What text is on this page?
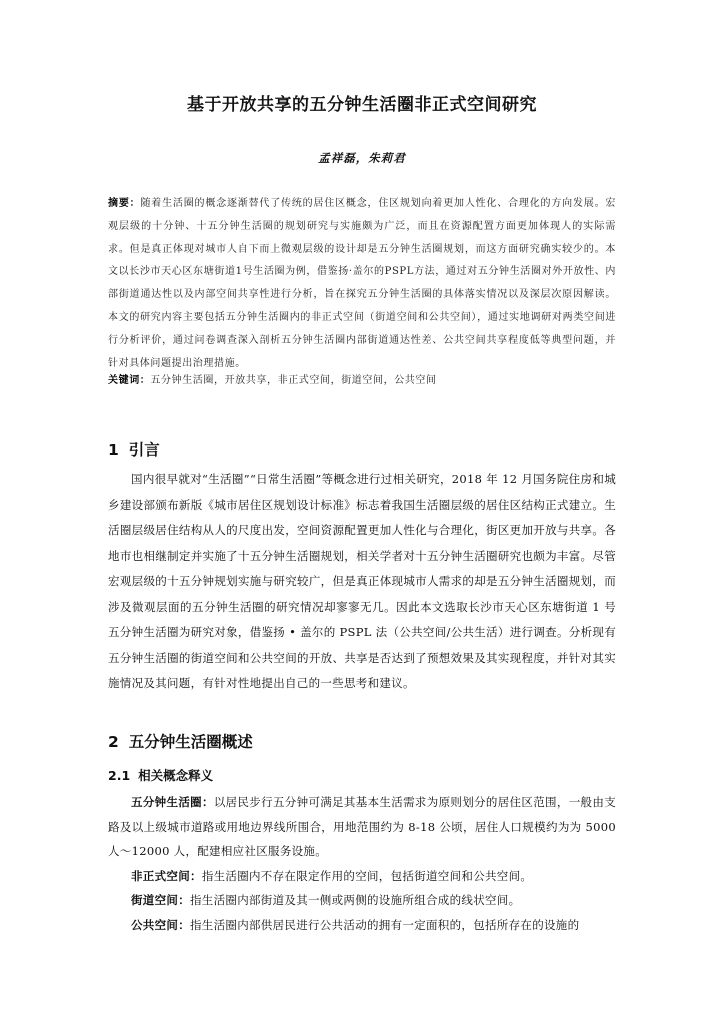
基于开放共享的五分钟生活圈非正式空间研究
孟祥磊，朱莉君
摘要：随着生活圈的概念逐渐替代了传统的居住区概念，住区规划向着更加人性化、合理化的方向发展。宏观层级的十分钟、十五分钟生活圈的规划研究与实施颇为广泛，而且在资源配置方面更加体现人的实际需求。但是真正体现对城市人自下而上微观层级的设计却是五分钟生活圈规划，而这方面研究确实较少的。本文以长沙市天心区东塘街道1号生活圈为例，借鉴扬·盖尔的PSPL方法，通过对五分钟生活圈对外开放性、内部街道通达性以及内部空间共享性进行分析，旨在探究五分钟生活圈的具体落实情况以及深层次原因解读。本文的研究内容主要包括五分钟生活圈内的非正式空间（街道空间和公共空间），通过实地调研对两类空间进行分析评价，通过问卷调查深入剖析五分钟生活圈内部街道通达性差、公共空间共享程度低等典型问题，并针对具体问题提出治理措施。
关键词：五分钟生活圈，开放共享，非正式空间，街道空间，公共空间
1 引言

国内很早就对“生活圈”“日常生活圈”等概念进行过相关研究，2018 年 12 月国务院住房和城乡建设部颁布新版《城市居住区规划设计标准》标志着我国生活圈层级的居住区结构正式建立。生活圈层级居住结构从人的尺度出发，空间资源配置更加人性化与合理化，街区更加开放与共享。各地市也相继制定并实施了十五分钟生活圈规划，相关学者对十五分钟生活圈研究也颇为丰富。尽管宏观层级的十五分钟规划实施与研究较广，但是真正体现城市人需求的却是五分钟生活圈规划，而涉及微观层面的五分钟生活圈的研究情况却寥寥无几。因此本文选取长沙市天心区东塘街道 1 号五分钟生活圈为研究对象，借鉴扬 • 盖尔的 PSPL 法（公共空间/公共生活）进行调查。分析现有五分钟生活圈的街道空间和公共空间的开放、共享是否达到了预想效果及其实现程度，并针对其实施情况及其问题，有针对性地提出自己的一些思考和建议。

2 五分钟生活圈概述
2.1 相关概念释义

五分钟生活圈：以居民步行五分钟可满足其基本生活需求为原则划分的居住区范围，一般由支路及以上级城市道路或用地边界线所围合，用地范围约为 8-18 公顷，居住人口规模约为为 5000 人～12000 人，配建相应社区服务设施。

非正式空间：指生活圈内不存在限定作用的空间，包括街道空间和公共空间。

街道空间：指生活圈内部街道及其一侧或两侧的设施所组合成的线状空间。

公共空间：指生活圈内部供居民进行公共活动的拥有一定面积的，包括所存在的设施的
